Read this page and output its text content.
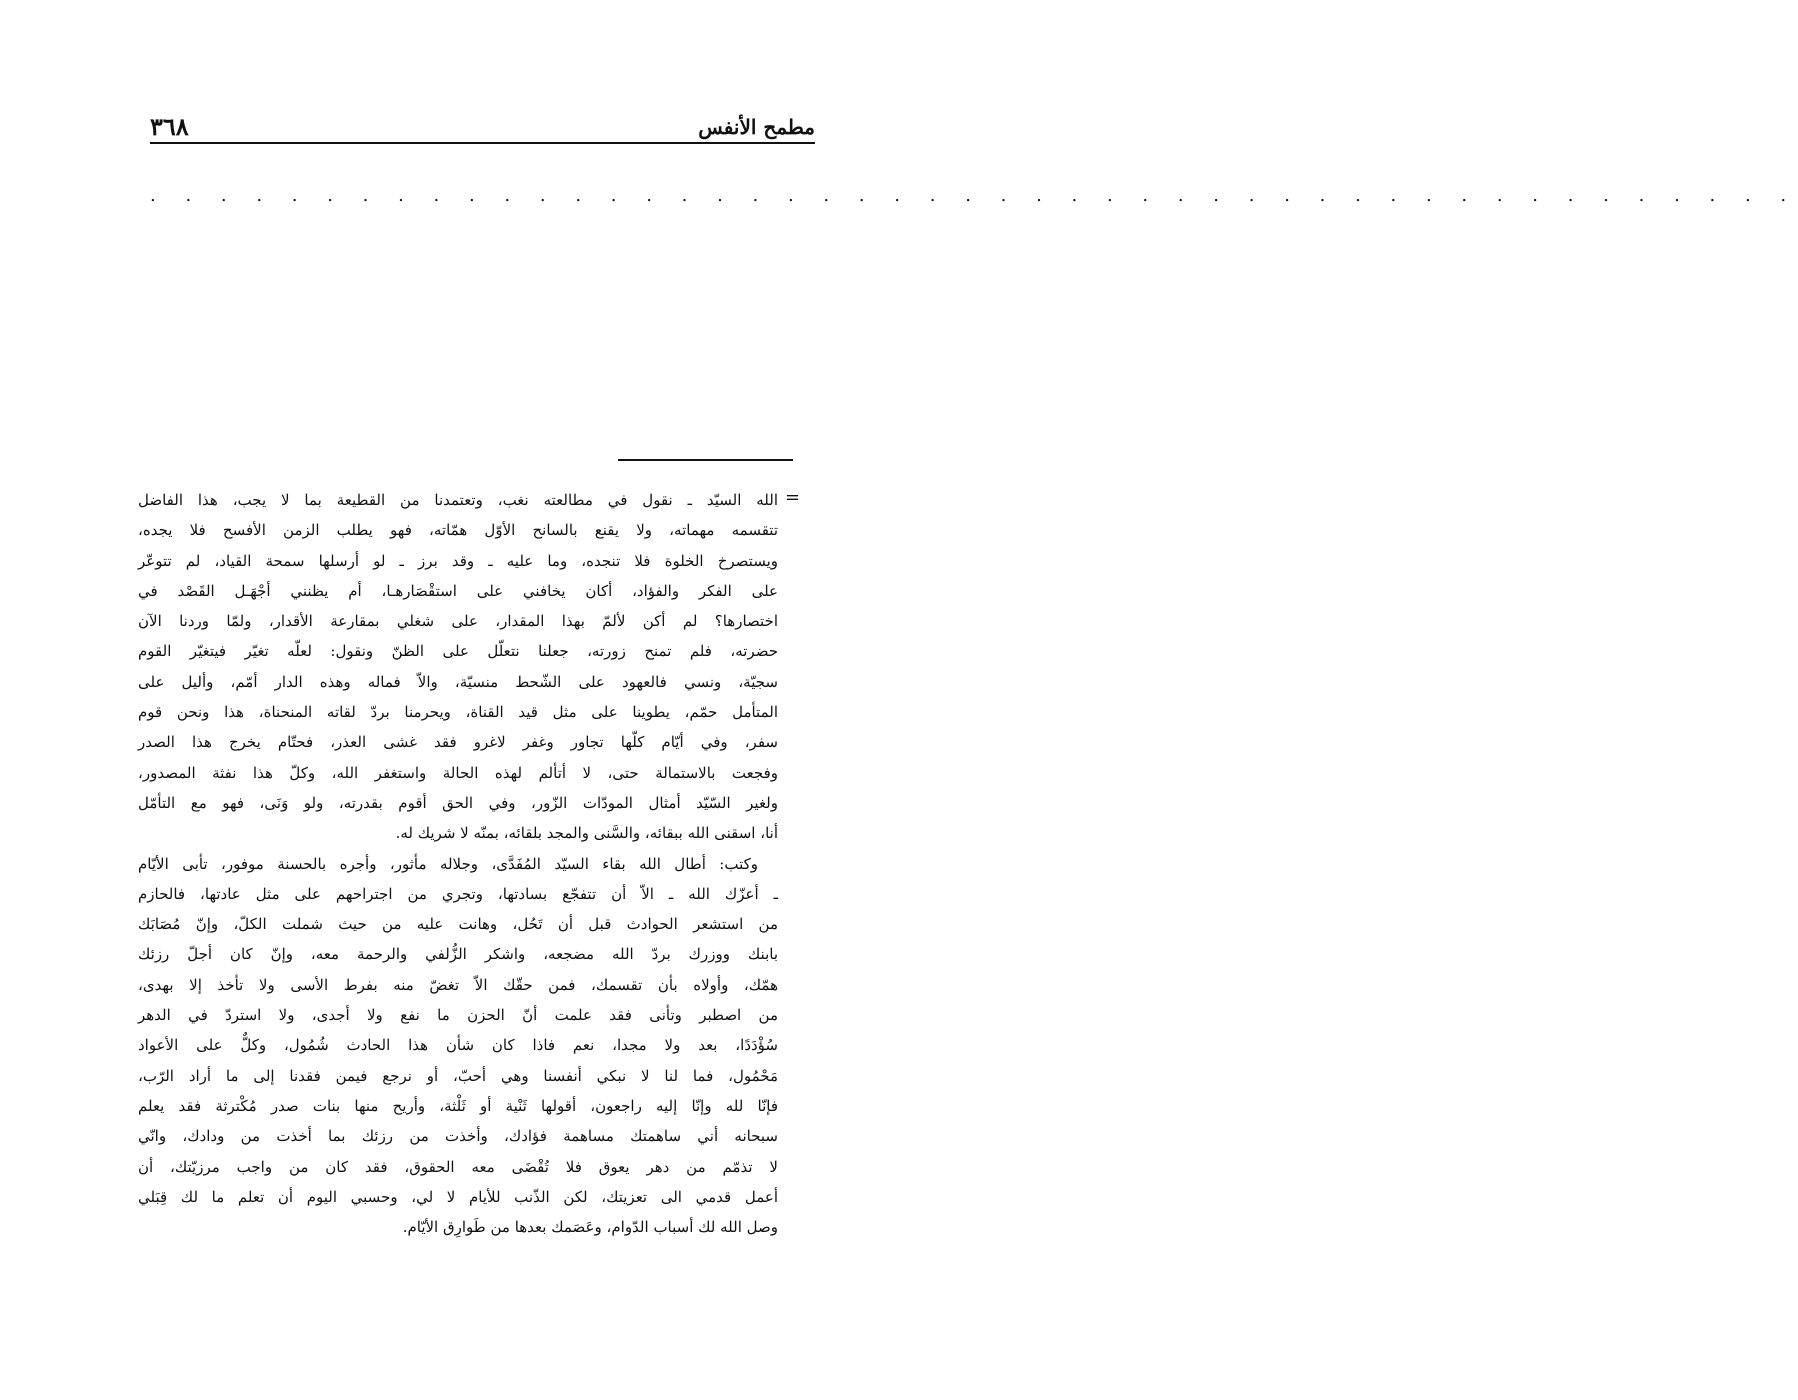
٣٦٨	مطمح الأنفس
. . . . . . . . . . . . . . . . . . . . . . . . . . . . . . . . . . . . . . . . . . . . . . .
=

الله السيّد ـ نقول في مطالعته نغب، وتعتمدنا من القطيعة بما لا يجب، هذا الفاضل
تتقسمه مهماته، ولا يقنع بالسانح الأوّل همّاته، فهو يطلب الزمن الأفسح فلا يجده،
ويستصرخ الخلوة فلا تنجده، وما عليه ـ وقد برز ـ لو أرسلها سمحة القياد، لم تتوعّر
على الفكر والفؤاد، أكان يخافني على استقْصَارهـا، أم يظنني أجْهَـل القَصْد في
اختصارها؟ لم أكن لألمّ بهذا المقدار، على شغلي بمقارعة الأقدار، ولمّا وردنا الآن
حضرته، فلم تمنح زورته، جعلنا نتعلّل على الظنّ ونقول: لعلّه تغيّر فيتغيّر القوم
سجيّة، ونسي فالعهود على الشّحط منسيّة، والاّ فماله وهذه الدار أمّم، وأليل على
المتأمل حمّم، يطوينا على مثل قيد القناة، ويحرمنا بردّ لقاته المنحناة، هذا ونحن قوم
سفر، وفي أيّام كلّها تجاور وغفر لاغرو فقد غشى العذر، فحتّام يخرج هذا الصدر
وفجعت بالاستمالة حتى، لا أتألم لهذه الحالة واستغفر الله، وكلّ هذا نفثة المصدور،
ولغير السّيّد أمثال المودّات الزّور، وفي الحق أقوم بقدرته، ولو وَنَى، فهو مع التأمّل
أنا، اسقنى الله ببقائه، والسَّنى والمجد بلقائه، بمنّه لا شريك له.

وكتب: أطال الله بقاء السيّد المُفَدَّى، وجلاله مأثور، وأجره بالحسنة موفور، تأبى الأيّام
ـ أعزّك الله ـ الاّ أن تتفجّع بسادتها، وتجري من اجتراحهم على مثل عادتها، فالحازم
من استشعر الحوادث قبل أن تَحُل، وهانت عليه من حيث شملت الكلّ، وإنّ مُصَابَك
بابنك ووزرك بردّ الله مضجعه، واشكر الزُّلفي والرحمة معه، وإنّ كان أجلّ رزئك
همّك، وأولاه بأن تقسمك، فمن حقّك الاّ تغضّ منه بفرط الأسى ولا تأخذ إلا بهدى،
من اصطبر وتأنى فقد علمت أنّ الحزن ما نفع ولا أجدى، ولا استردّ في الدهر
سُؤْدَدًا، بعد ولا مجدا، نعم فاذا كان شأن هذا الحادث شُمُول، وكلٌّ على الأعواد
مَحْمُول، فما لنا لا نبكي أنفسنا وهي أحبّ، أو نرجع فيمن فقدنا إلى ما أراد الرّب،
فإنّا لله وإنّا إليه راجعون، أقولها ثَنْية أو ثَلْثة، وأريح منها بنات صدر مُكْترثة فقد يعلم
سبحانه أني ساهمتك مساهمة فؤادك، وأخذت من رزئك بما أخذت من ودادك، وانّي
لا تذمّم من دهر يعوق فلا تُقْضَى معه الحقوق، فقد كان من واجب مرزيّتك، أن
أعمل قدمي الى تعزيتك، لكن الذّنب للأيام لا لي، وحسبي اليوم أن تعلم ما لك قِبَلي
وصل الله لك أسباب الدّوام، وعَصَمك بعدها من طَوارِق الأيّام.
